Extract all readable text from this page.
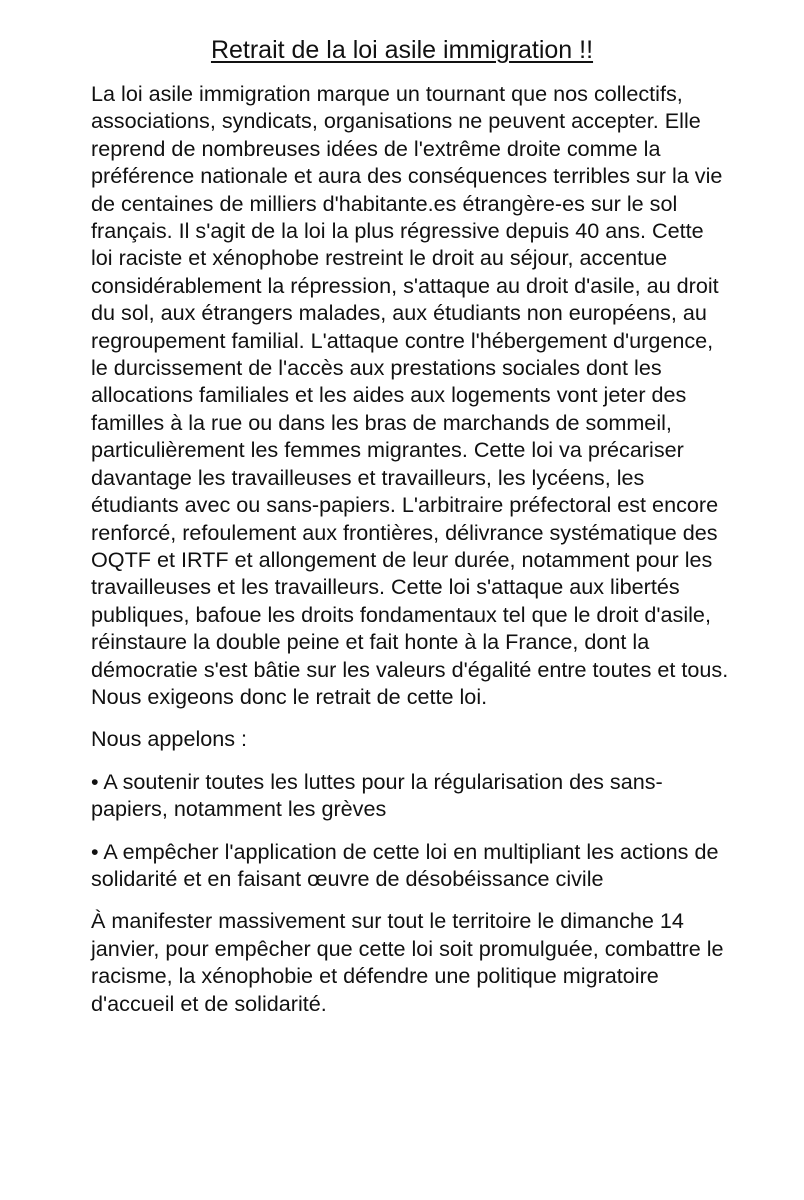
Retrait de la loi asile immigration !!

La loi asile immigration marque un tournant que nos collectifs, associations, syndicats, organisations ne peuvent accepter. Elle reprend de nombreuses idées de l'extrême droite comme la préférence nationale et aura des conséquences terribles sur la vie de centaines de milliers d'habitante.es étrangère-es sur le sol français. Il s'agit de la loi la plus régressive depuis 40 ans. Cette loi raciste et xénophobe restreint le droit au séjour, accentue considérablement la répression, s'attaque au droit d'asile, au droit du sol, aux étrangers malades, aux étudiants non européens, au regroupement familial. L'attaque contre l'hébergement d'urgence, le durcissement de l'accès aux prestations sociales dont les allocations familiales et les aides aux logements vont jeter des familles à la rue ou dans les bras de marchands de sommeil, particulièrement les femmes migrantes. Cette loi va précariser davantage les travailleuses et travailleurs, les lycéens, les étudiants avec ou sans-papiers. L'arbitraire préfectoral est encore renforcé, refoulement aux frontières, délivrance systématique des OQTF et IRTF et allongement de leur durée, notamment pour les travailleuses et les travailleurs. Cette loi s'attaque aux libertés publiques, bafoue les droits fondamentaux tel que le droit d'asile, réinstaure la double peine et fait honte à la France, dont la démocratie s'est bâtie sur les valeurs d'égalité entre toutes et tous. Nous exigeons donc le retrait de cette loi.

Nous appelons :

• A soutenir toutes les luttes pour la régularisation des sans-papiers, notamment les grèves

• A empêcher l'application de cette loi en multipliant les actions de solidarité et en faisant œuvre de désobéissance civile

À manifester massivement sur tout le territoire le dimanche 14 janvier, pour empêcher que cette loi soit promulguée, combattre le racisme, la xénophobie et défendre une politique migratoire d'accueil et de solidarité.
